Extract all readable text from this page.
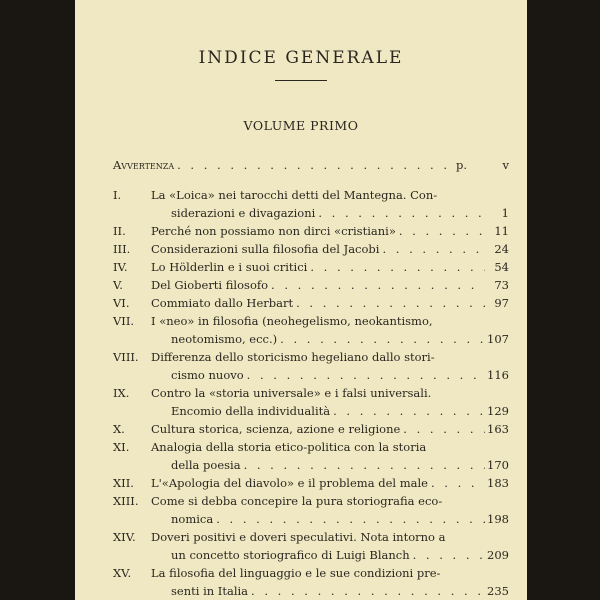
INDICE GENERALE
VOLUME PRIMO
Avvertenza . . .	p.	v
I.	La «Loica» nei tarocchi detti del Mantegna. Con-
siderazioni e divagazioni . . .	1
II. Perché non possiamo non dirci «cristiani» . . .	11
III. Considerazioni sulla filosofia del Jacobi . . .	24
IV. Lo Hölderlin e i suoi critici . . .	54
V. Del Gioberti filosofo . . .	73
VI. Commiato dallo Herbart . . .	97
VII. I «neo» in filosofia (neohegelismo, neokantismo,
neotomismo, ecc.) . . .	107
VIII. Differenza dello storicismo hegeliano dallo stori-
cismo nuovo . . .	116
IX. Contro la «storia universale» e i falsi universali.
Encomio della individualità . . .	129
X. Cultura storica, scienza, azione e religione . . .	163
XI. Analogia della storia etico-politica con la storia
della poesia . . .	170
XII. L'«Apologia del diavolo» e il problema del male . . .	183
XIII. Come si debba concepire la pura storiografia eco-
nomica . . .	198
XIV. Doveri positivi e doveri speculativi. Nota intorno a
un concetto storiografico di Luigi Blanch . . .	209
XV. La filosofia del linguaggio e le sue condizioni pre-
senti in Italia . . .	235
